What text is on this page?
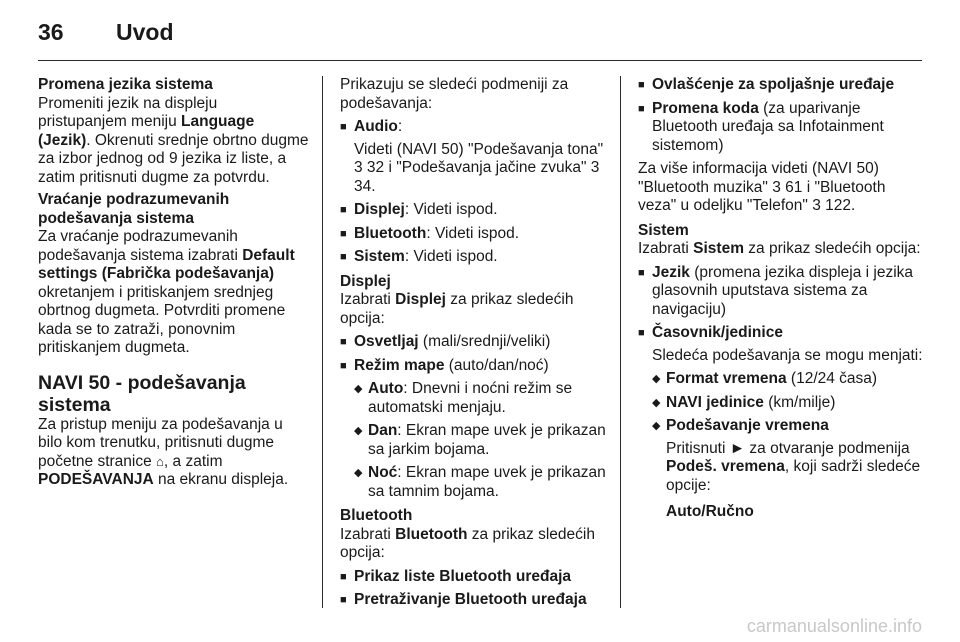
36	Uvod

Promena jezika sistema

Promeniti jezik na displeju pristupanjem meniju Language (Jezik). Okrenuti srednje obrtno dugme za izbor jednog od 9 jezika iz liste, a zatim pritisnuti dugme za potvrdu.

Vraćanje podrazumevanih

podešavanja sistema

Za vraćanje podrazumevanih podešavanja sistema izabrati Default settings (Fabrička podešavanja) okretanjem i pritiskanjem srednjeg obrtnog dugmeta. Potvrditi promene kada se to zatraži, ponovnim pritiskanjem dugmeta.

NAVI 50 - podešavanja sistema

Za pristup meniju za podešavanja u bilo kom trenutku, pritisnuti dugme početne stranice ⌂, a zatim PODEŠAVANJA na ekranu displeja.

Prikazuju se sledeći podmeniji za podešavanja:

■ Audio:

Videti (NAVI 50) "Podešavanja tona" 3 32 i "Podešavanja jačine zvuka" 3 34.

■ Displej: Videti ispod.
■ Bluetooth: Videti ispod.
■ Sistem: Videti ispod.

Displej

Izabrati Displej za prikaz sledećih opcija:

■ Osvetljaj (mali/srednji/veliki)
■ Režim mape (auto/dan/noć)
◆ Auto: Dnevni i noćni režim se automatski menjaju.
◆ Dan: Ekran mape uvek je prikazan sa jarkim bojama.
◆ Noć: Ekran mape uvek je prikazan sa tamnim bojama.

Bluetooth

Izabrati Bluetooth za prikaz sledećih opcija:

■ Prikaz liste Bluetooth uređaja
■ Pretraživanje Bluetooth uređaja
■ Ovlašćenje za spoljašnje uređaje
■ Promena koda (za uparivanje Bluetooth uređaja sa Infotainment sistemom)

Za više informacija videti (NAVI 50) "Bluetooth muzika" 3 61 i "Bluetooth veza" u odeljku "Telefon" 3 122.

Sistem

Izabrati Sistem za prikaz sledećih opcija:

■ Jezik (promena jezika displeja i jezika glasovnih uputstava sistema za navigaciju)
■ Časovnik/jedinice

Sledeća podešavanja se mogu menjati:

◆ Format vremena (12/24 časa)
◆ NAVI jedinice (km/milje)
◆ Podešavanje vremena

Pritisnuti ► za otvaranje podmenija Podeš. vremena, koji sadrži sledeće opcije:

Auto/Ručno

carmanualsonline.info
